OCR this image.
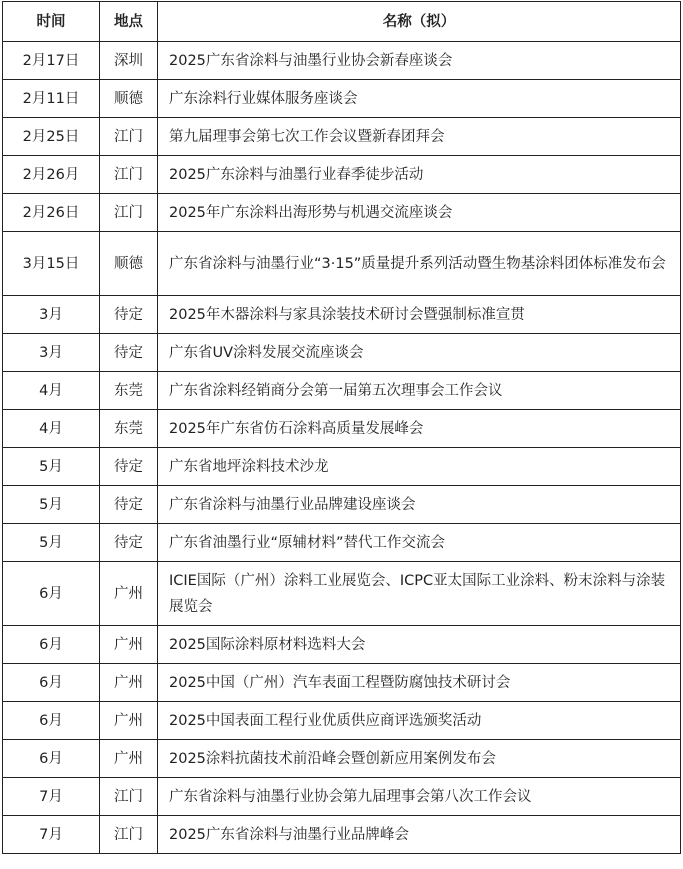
时间	地点	名称（拟）
2月17日	深圳	2025广东省涂料与油墨行业协会新春座谈会
2月11日	顺德	广东涂料行业媒体服务座谈会
2月25日	江门	第九届理事会第七次工作会议暨新春团拜会
2月26月	江门	2025广东涂料与油墨行业春季徒步活动
2月26日	江门	2025年广东涂料出海形势与机遇交流座谈会
3月15日	顺德	广东省涂料与油墨行业“3·15”质量提升系列活动暨生物基涂料团体标准发布会
3月	待定	2025年木器涂料与家具涂装技术研讨会暨强制标准宣贯
3月	待定	广东省UV涂料发展交流座谈会
4月	东莞	广东省涂料经销商分会第一届第五次理事会工作会议
4月	东莞	2025年广东省仿石涂料高质量发展峰会
5月	待定	广东省地坪涂料技术沙龙
5月	待定	广东省涂料与油墨行业品牌建设座谈会
5月	待定	广东省油墨行业“原辅材料”替代工作交流会
6月	广州	ICIE国际（广州）涂料工业展览会、ICPC亚太国际工业涂料、粉末涂料与涂装展览会
6月	广州	2025国际涂料原材料选料大会
6月	广州	2025中国（广州）汽车表面工程暨防腐蚀技术研讨会
6月	广州	2025中国表面工程行业优质供应商评选颁奖活动
6月	广州	2025涂料抗菌技术前沿峰会暨创新应用案例发布会
7月	江门	广东省涂料与油墨行业协会第九届理事会第八次工作会议
7月	江门	2025广东省涂料与油墨行业品牌峰会
